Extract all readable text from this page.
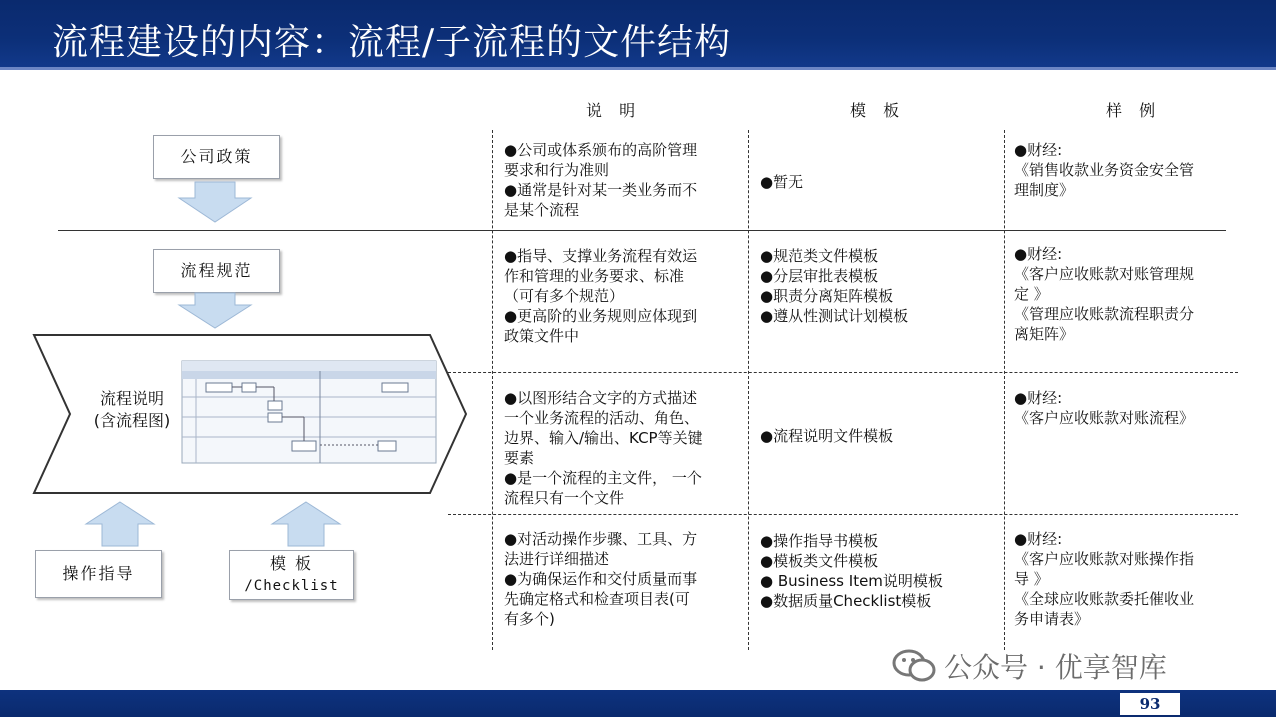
流程建设的内容：流程/子流程的文件结构
说 明	模 板	样 例
公司政策
流程规范
流程说明
(含流程图)
操作指导
模 板
/Checklist
●公司或体系颁布的高阶管理
要求和行为准则
●通常是针对某一类业务而不
是某个流程
●暂无
●财经:
《销售收款业务资金安全管
理制度》
●指导、支撑业务流程有效运
作和管理的业务要求、标准
（可有多个规范）
●更高阶的业务规则应体现到
政策文件中
●规范类文件模板
●分层审批表模板
●职责分离矩阵模板
●遵从性测试计划模板
●财经:
《客户应收账款对账管理规
定 》
《管理应收账款流程职责分
离矩阵》
●以图形结合文字的方式描述
一个业务流程的活动、角色、
边界、输入/输出、KCP等关键
要素
●是一个流程的主文件， 一个
流程只有一个文件
●流程说明文件模板
●财经:
《客户应收账款对账流程》
●对活动操作步骤、工具、方
法进行详细描述
●为确保运作和交付质量而事
先确定格式和检查项目表(可
有多个)
●操作指导书模板
●模板类文件模板
● Business Item说明模板
●数据质量Checklist模板
●财经:
《客户应收账款对账操作指
导 》
《全球应收账款委托催收业
务申请表》
公众号 · 优享智库
93
